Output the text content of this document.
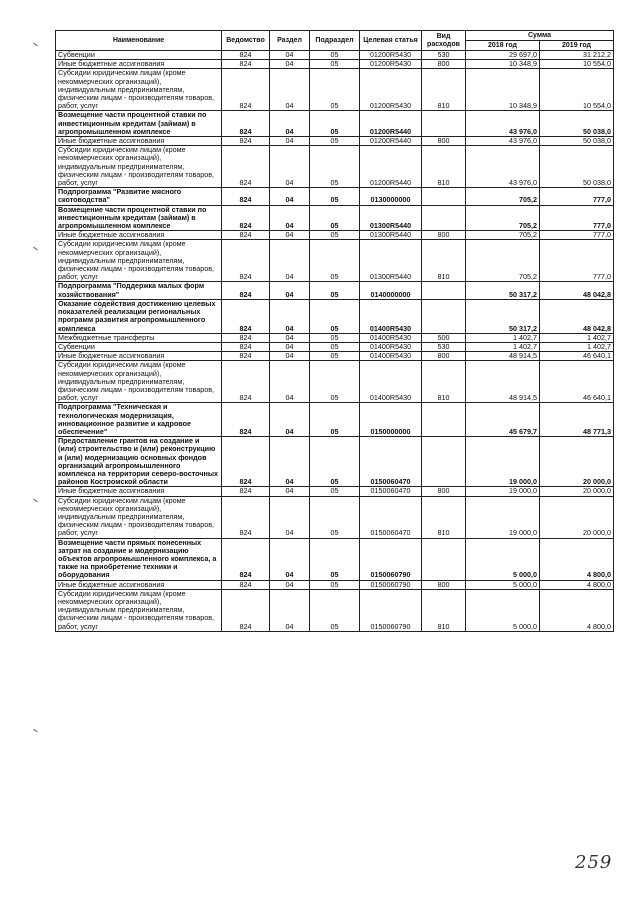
Наименование	Ведомство	Раздел	Подраздел	Целевая статья	Вид расходов	Сумма	
						2018 год	2019 год
Субвенции	824	04	05	01200R5430	530	29 697,0	31 212,2
Иные бюджетные ассигнования	824	04	05	01200R5430	800	10 348,9	10 554,0
Субсидии юридическим лицам (кроме некоммерческих организаций), индивидуальным предпринимателям, физическим лицам - производителям товаров, работ, услуг	824	04	05	01200R5430	810	10 348,9	10 554,0
Возмещение части процентной ставки по инвестиционным кредитам (займам) в агропромышленном комплексе	824	04	05	01200R5440		43 976,0	50 038,0
Иные бюджетные ассигнования	824	04	05	01200R5440	800	43 976,0	50 038,0
Субсидии юридическим лицам (кроме некоммерческих организаций), индивидуальным предпринимателям, физическим лицам - производителям товаров, работ, услуг	824	04	05	01200R5440	810	43 976,0	50 038,0
Подпрограмма "Развитие мясного скотоводства"	824	04	05	0130000000		705,2	777,0
Возмещение части процентной ставки по инвестиционным кредитам (займам) в агропромышленном комплексе	824	04	05	01300R5440		705,2	777,0
Иные бюджетные ассигнования	824	04	05	01300R5440	800	705,2	777,0
Субсидии юридическим лицам (кроме некоммерческих организаций), индивидуальным предпринимателям, физическим лицам - производителям товаров, работ, услуг	824	04	05	01300R5440	810	705,2	777,0
Подпрограмма "Поддержка малых форм хозяйствования"	824	04	05	0140000000		50 317,2	48 042,8
Оказание содействия достижению целевых показателей реализации региональных программ развития агропромышленного комплекса	824	04	05	01400R5430		50 317,2	48 042,8
Межбюджетные трансферты	824	04	05	01400R5430	500	1 402,7	1 402,7
Субвенции	824	04	05	01400R5430	530	1 402,7	1 402,7
Иные бюджетные ассигнования	824	04	05	01400R5430	800	48 914,5	46 640,1
Субсидии юридическим лицам (кроме некоммерческих организаций), индивидуальным предпринимателям, физическим лицам - производителям товаров, работ, услуг	824	04	05	01400R5430	810	48 914,5	46 640,1
Подпрограмма "Техническая и технологическая модернизация, инновационное развитие и кадровое обеспечение"	824	04	05	0150000000		45 679,7	48 771,3
Предоставление грантов на создание и (или) строительство и (или) реконструкцию и (или) модернизацию основных фондов организаций агропромышленного комплекса на территории северо-восточных районов Костромской области	824	04	05	0150060470		19 000,0	20 000,0
Иные бюджетные ассигнования	824	04	05	0150060470	800	19 000,0	20 000,0
Субсидии юридическим лицам (кроме некоммерческих организаций), индивидуальным предпринимателям, физическим лицам - производителям товаров, работ, услуг	824	04	05	0150060470	810	19 000,0	20 000,0
Возмещение части прямых понесенных затрат на создание и модернизацию объектов агропромышленного комплекса, а также на приобретение техники и оборудования	824	04	05	0150060790		5 000,0	4 800,0
Иные бюджетные ассигнования	824	04	05	0150060790	800	5 000,0	4 800,0
Субсидии юридическим лицам (кроме некоммерческих организаций), индивидуальным предпринимателям, физическим лицам - производителям товаров, работ, услуг	824	04	05	0150060790	810	5 000,0	4 800,0
259
